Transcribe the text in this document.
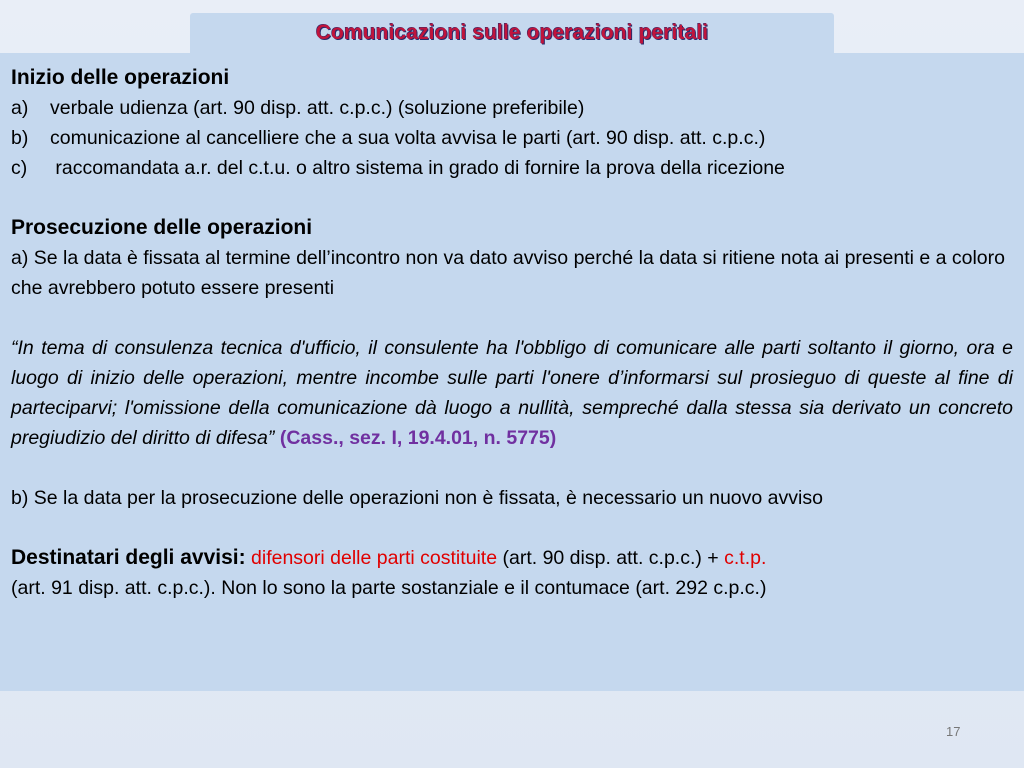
Comunicazioni sulle operazioni peritali
Inizio delle operazioni
a)	verbale udienza (art. 90 disp. att. c.p.c.) (soluzione preferibile)
b)	comunicazione al cancelliere che a sua volta avvisa le parti (art. 90 disp. att. c.p.c.)
c)	raccomandata a.r. del c.t.u. o altro sistema in grado di fornire la prova della ricezione
Prosecuzione delle operazioni
a) Se la data è fissata al termine dell’incontro non va dato avviso perché la data si ritiene nota ai presenti e a coloro che avrebbero potuto essere presenti
“In tema di consulenza tecnica d'ufficio, il consulente ha l'obbligo di comunicare alle parti soltanto il giorno, ora e luogo di inizio delle operazioni, mentre incombe sulle parti l'onere d’informarsi sul prosieguo di queste al fine di parteciparvi; l'omissione della comunicazione dà luogo a nullità, sempreché dalla stessa sia derivato un concreto pregiudizio del diritto di difesa” (Cass., sez. I, 19.4.01, n. 5775)
b) Se la data per la prosecuzione delle operazioni non è fissata, è necessario un nuovo avviso
Destinatari degli avvisi: difensori delle parti costituite (art. 90 disp. att. c.p.c.) + c.t.p.
(art. 91 disp. att. c.p.c.). Non lo sono la parte sostanziale e il contumace (art. 292 c.p.c.)
17
